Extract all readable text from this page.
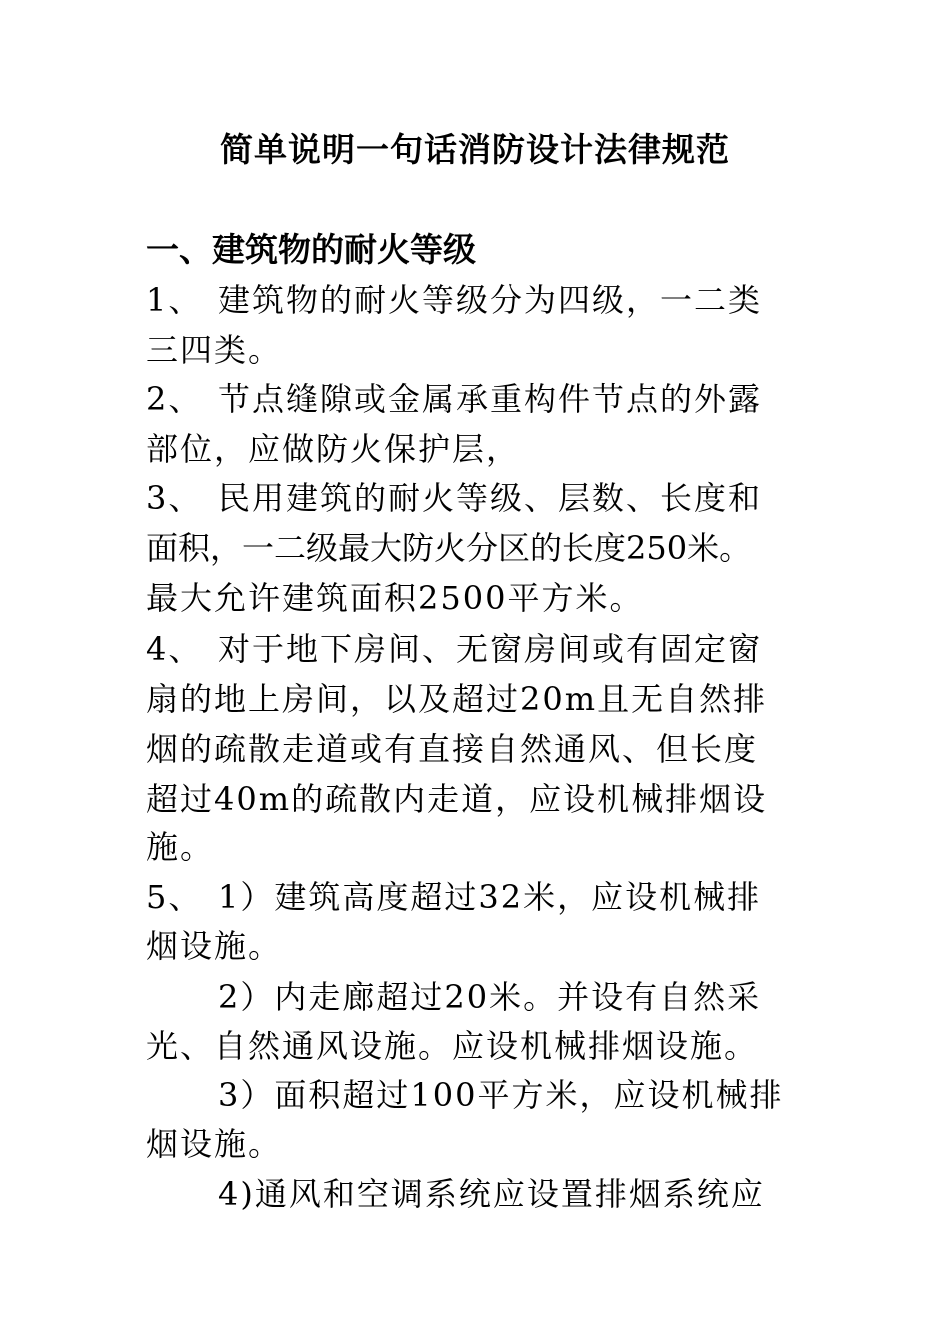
简单说明一句话消防设计法律规范
一、建筑物的耐火等级
1、 建筑物的耐火等级分为四级，一二类
三四类。
2、 节点缝隙或金属承重构件节点的外露
部位，应做防火保护层，
3、 民用建筑的耐火等级、层数、长度和
面积，一二级最大防火分区的长度250米。
最大允许建筑面积2500平方米。
4、 对于地下房间、无窗房间或有固定窗
扇的地上房间，以及超过20m且无自然排
烟的疏散走道或有直接自然通风、但长度
超过40m的疏散内走道，应设机械排烟设
施。
5、 1）建筑高度超过32米，应设机械排
烟设施。
2）内走廊超过20米。并设有自然采
光、自然通风设施。应设机械排烟设施。
3）面积超过100平方米，应设机械排
烟设施。
4)通风和空调系统应设置排烟系统应
